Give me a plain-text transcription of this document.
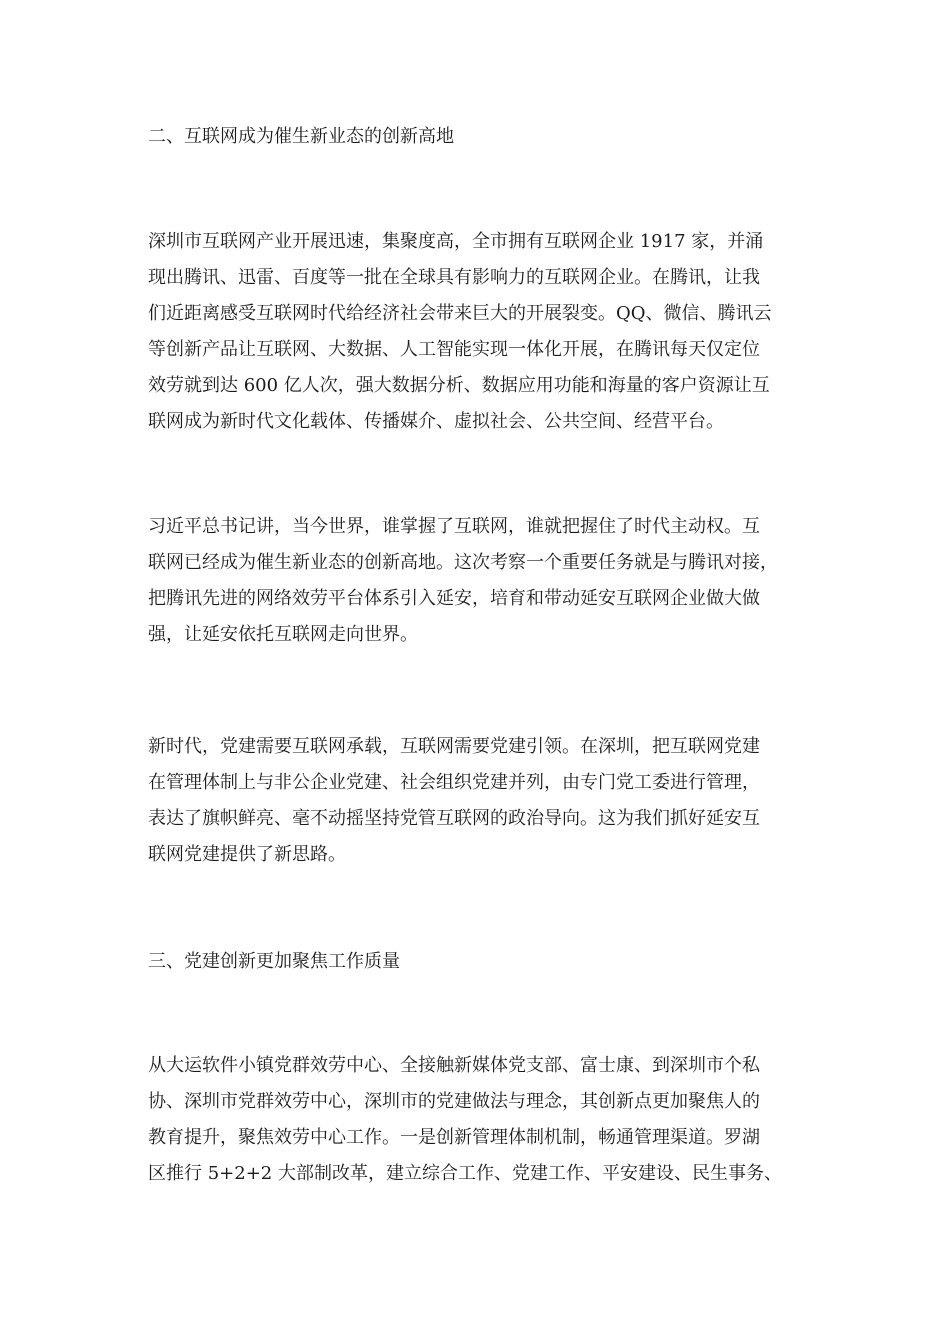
二、互联网成为催生新业态的创新高地
深圳市互联网产业开展迅速，集聚度高，全市拥有互联网企业 1917 家，并涌
现出腾讯、迅雷、百度等一批在全球具有影响力的互联网企业。在腾讯，让我
们近距离感受互联网时代给经济社会带来巨大的开展裂变。QQ、微信、腾讯云
等创新产品让互联网、大数据、人工智能实现一体化开展，在腾讯每天仅定位
效劳就到达 600 亿人次，强大数据分析、数据应用功能和海量的客户资源让互
联网成为新时代文化载体、传播媒介、虚拟社会、公共空间、经营平台。
习近平总书记讲，当今世界，谁掌握了互联网，谁就把握住了时代主动权。互
联网已经成为催生新业态的创新高地。这次考察一个重要任务就是与腾讯对接，
把腾讯先进的网络效劳平台体系引入延安，培育和带动延安互联网企业做大做
强，让延安依托互联网走向世界。
新时代，党建需要互联网承载，互联网需要党建引领。在深圳，把互联网党建
在管理体制上与非公企业党建、社会组织党建并列，由专门党工委进行管理，
表达了旗帜鲜亮、毫不动摇坚持党管互联网的政治导向。这为我们抓好延安互
联网党建提供了新思路。
三、党建创新更加聚焦工作质量
从大运软件小镇党群效劳中心、全接触新媒体党支部、富士康、到深圳市个私
协、深圳市党群效劳中心，深圳市的党建做法与理念，其创新点更加聚焦人的
教育提升，聚焦效劳中心工作。一是创新管理体制机制，畅通管理渠道。罗湖
区推行 5+2+2 大部制改革，建立综合工作、党建工作、平安建设、民生事务、
